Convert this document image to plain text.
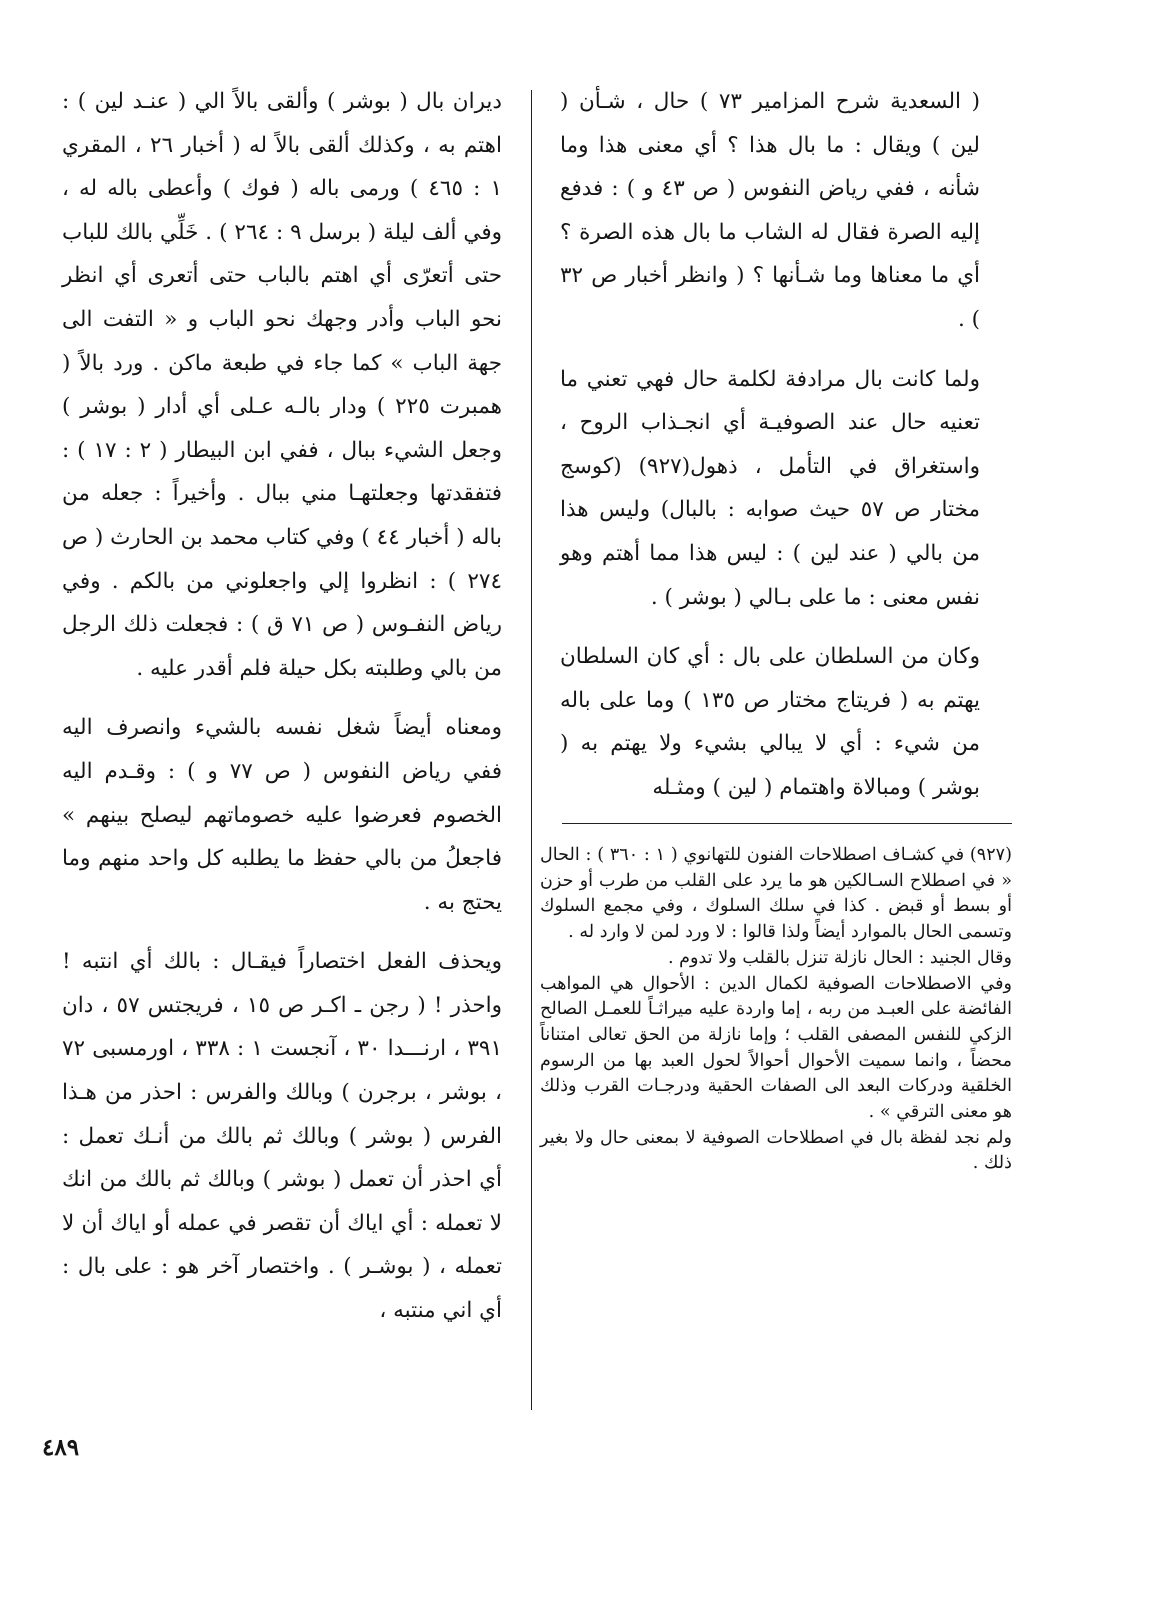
( السعدية شرح المزامير ٧٣ ) حال ، شـأن ( لين ) ويقال : ما بال هذا ؟ أي معنى هذا وما شأنه ، ففي رياض النفوس ( ص ٤٣ و ) : فدفع إليه الصرة فقال له الشاب ما بال هذه الصرة ؟ أي ما معناها وما شـأنها ؟ ( وانظر أخبار ص ٣٢ ) .

ولما كانت بال مرادفة لكلمة حال فهي تعني ما تعنيه حال عند الصوفيـة أي انجـذاب الروح ، واستغراق في التأمل ، ذهول(٩٢٧) (كوسج مختار ص ٥٧ حيث صوابه : بالبال) وليس هذا من بالي ( عند لين ) : ليس هذا مما أهتم وهو نفس معنى : ما على بـالي ( بوشر ) .

وكان من السلطان على بال : أي كان السلطان يهتم به ( فريتاج مختار ص ١٣٥ ) وما على باله من شيء : أي لا يبالي بشيء ولا يهتم به ( بوشر ) ومبالاة واهتمام ( لين ) ومثـله

ديران بال ( بوشر ) وألقى بالاً الي ( عنـد لين ) : اهتم به ، وكذلك ألقى بالاً له ( أخبار ٢٦ ، المقري ١ : ٤٦٥ ) ورمى باله ( فوك ) وأعطى باله له ، وفي ألف ليلة ( برسل ٩ : ٢٦٤ ) . خَلِّي بالك للباب حتى أتعرّى أي اهتم بالباب حتى أتعرى أي انظر نحو الباب وأدر وجهك نحو الباب و « التفت الى جهة الباب » كما جاء في طبعة ماكن . ورد بالاً ( همبرت ٢٢٥ ) ودار بالـه عـلى أي أدار ( بوشر ) وجعل الشيء ببال ، ففي ابن البيطار ( ٢ : ١٧ ) : فتفقدتها وجعلتهـا مني ببال . وأخيراً : جعله من باله ( أخبار ٤٤ ) وفي كتاب محمد بن الحارث ( ص ٢٧٤ ) : انظروا إلي واجعلوني من بالكم . وفي رياض النفـوس ( ص ٧١ ق ) : فجعلت ذلك الرجل من بالي وطلبته بكل حيلة فلم أقدر عليه .

ومعناه أيضاً شغل نفسه بالشيء وانصرف اليه ففي رياض النفوس ( ص ٧٧ و ) : وقـدم اليه الخصوم فعرضوا عليه خصوماتهم ليصلح بينهم » فاجعلُ من بالي حفظ ما يطلبه كل واحد منهم وما يحتج به .

ويحذف الفعل اختصاراً فيقـال : بالك أي انتبه ! واحذر ! ( رجن ـ اكـر ص ١٥ ، فريجتس ٥٧ ، دان ٣٩١ ، ارنـــدا ٣٠ ، آنجست ١ : ٣٣٨ ، اورمسبى ٧٢ ، بوشر ، برجرن ) وبالك والفرس : احذر من هـذا الفرس ( بوشر ) وبالك ثم بالك من أنـك تعمل : أي احذر أن تعمل ( بوشر ) وبالك ثم بالك من انك لا تعمله : أي اياك أن تقصر في عمله أو اياك أن لا تعمله ، ( بوشـر ) . واختصار آخر هو : على بال : أي اني منتبه ،

(٩٢٧) في كشـاف اصطلاحات الفنون للتهانوي ( ١ : ٣٦٠ ) : الحال « في اصطلاح السـالكين هو ما يرد على القلب من طرب أو حزن أو بسط أو قبض . كذا في سلك السلوك ، وفي مجمع السلوك وتسمى الحال بالموارد أيضاً ولذا قالوا : لا ورد لمن لا وارد له .

وقال الجنيد : الحال نازلة تنزل بالقلب ولا تدوم .

وفي الاصطلاحات الصوفية لكمال الدين : الأحوال هي المواهب الفائضة على العبـد من ربه ، إما واردة عليه ميراثـاً للعمـل الصالح الزكي للنفس المصفى القلب ؛ وإما نازلة من الحق تعالى امتناناً محضاً ، وانما سميت الأحوال أحوالاً لحول العبد بها من الرسوم الخلقية ودركات البعد الى الصفات الحقية ودرجـات القرب وذلك هو معنى الترقي » .

ولم نجد لفظة بال في اصطلاحات الصوفية لا بمعنى حال ولا بغير ذلك .

٤٨٩
